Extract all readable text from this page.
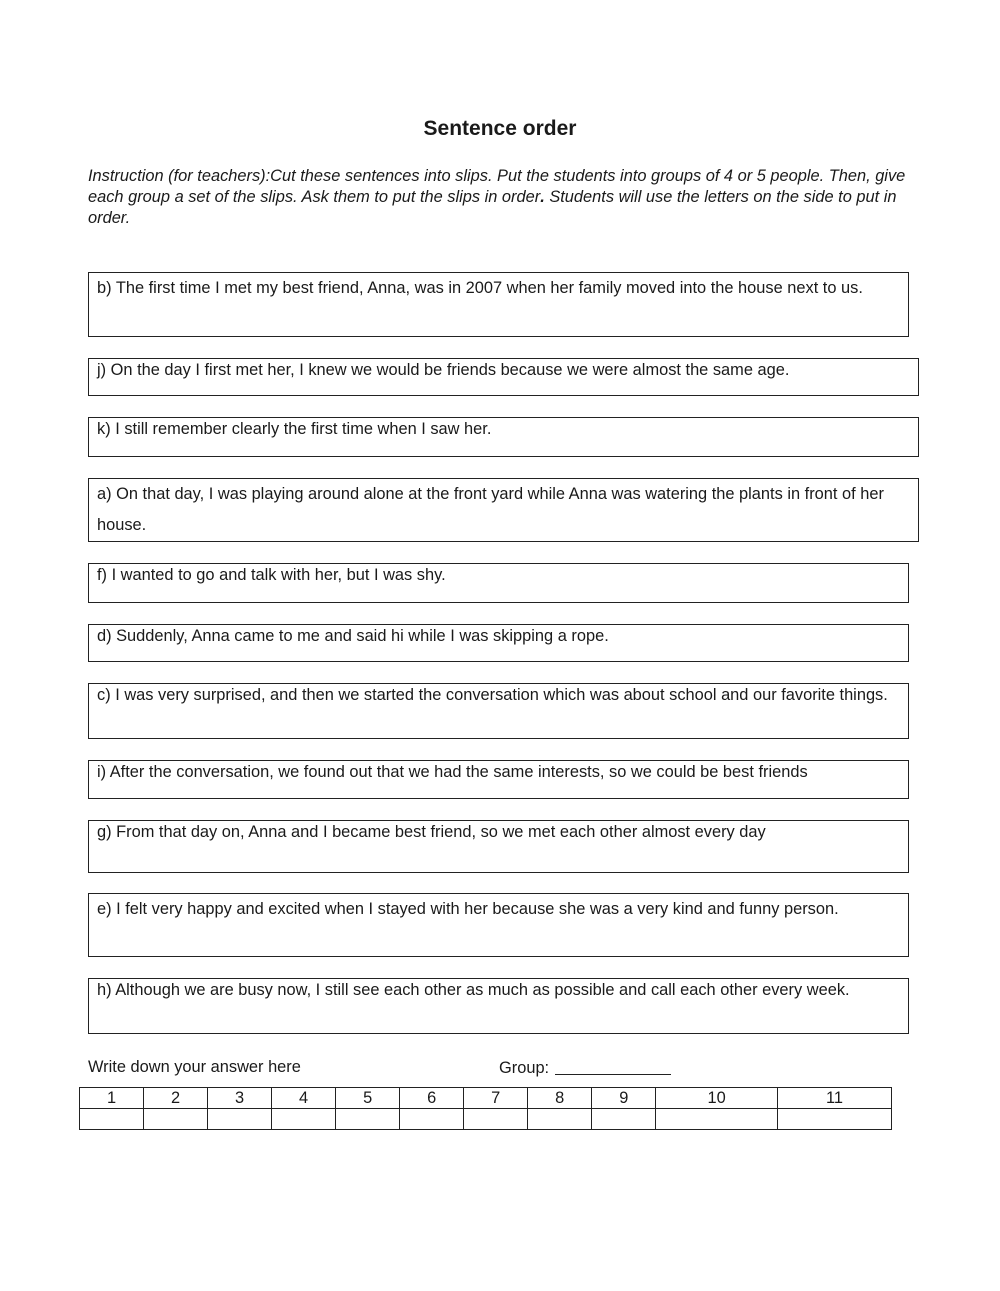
Sentence order
Instruction (for teachers):Cut these sentences into slips. Put the students into groups of 4 or 5 people. Then, give each group a set of the slips. Ask them to put the slips in order. Students will use the letters on the side to put in order.
b) The first time I met my best friend, Anna, was in 2007 when her family moved into the house next to us.
j) On the day I first met her, I knew we would be friends because we were almost the same age.
k) I still remember clearly the first time when I saw her.
a) On that day, I was playing around alone at the front yard while Anna was watering the plants in front of her house.
f) I wanted to go and talk with her, but I was shy.
d) Suddenly, Anna came to me and said hi while I was skipping a rope.
c) I was very surprised, and then we started the conversation which was about school and our favorite things.
i) After the conversation, we found out that we had the same interests, so we could be best friends
g) From that day on, Anna and I became best friend, so we met each other almost every day
e) I felt very happy and excited when I stayed with her because she was a very kind and funny person.
h) Although we are busy now, I still see each other as much as possible and call each other every week.
Write down your answer here	Group:
1	2	3	4	5	6	7	8	9	10	11
